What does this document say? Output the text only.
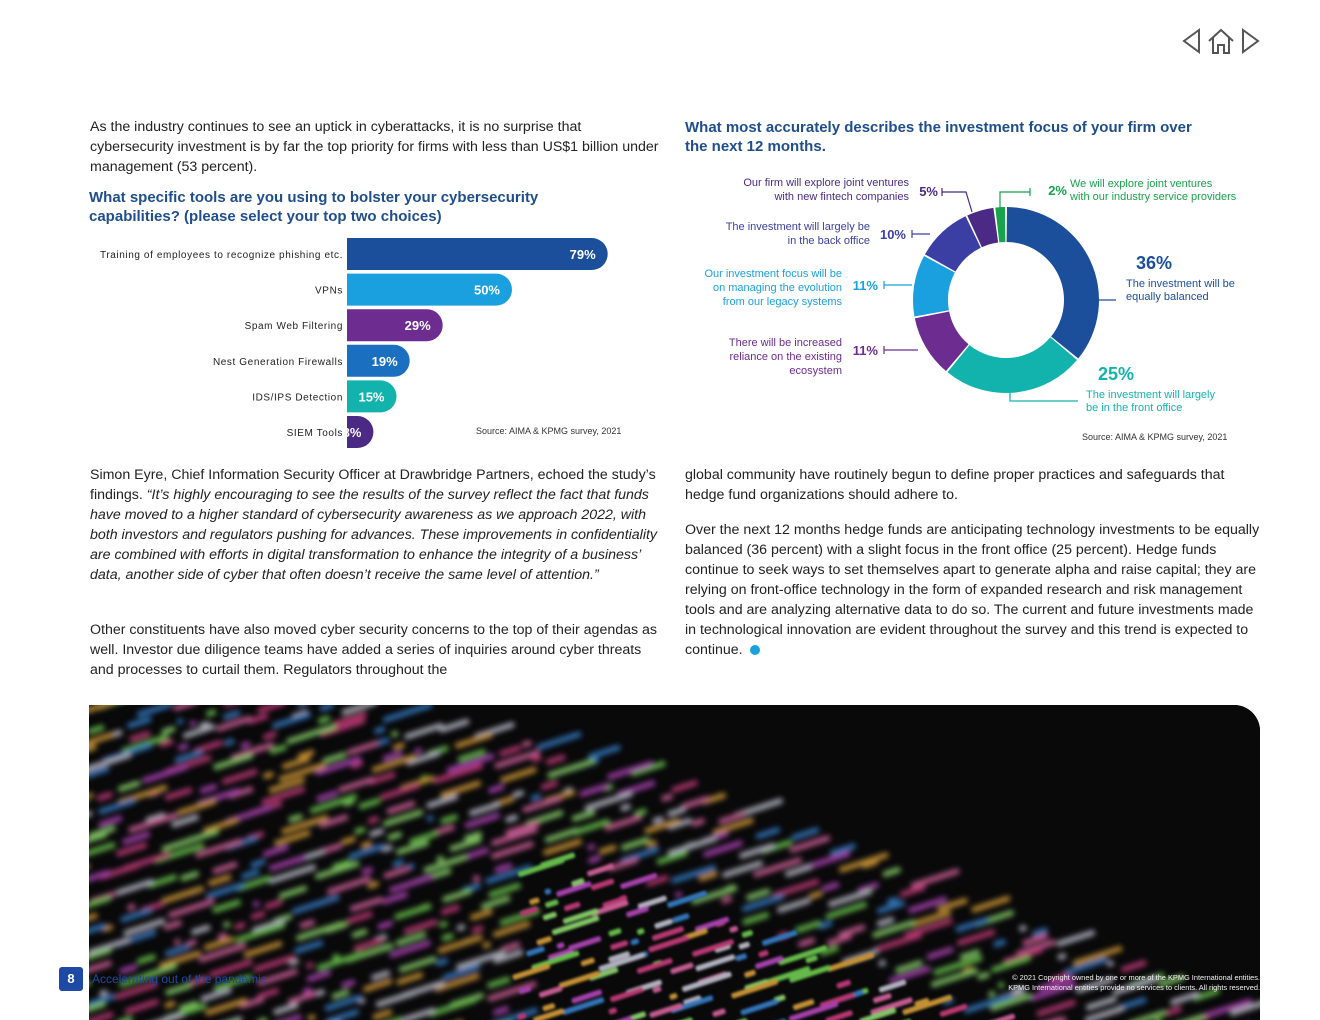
As the industry continues to see an uptick in cyberattacks, it is no surprise that cybersecurity investment is by far the top priority for firms with less than US$1 billion under management (53 percent).

What specific tools are you using to bolster your cybersecurity capabilities? (please select your top two choices)
Training of employees to recognize phishing etc.	79%
VPNs	50%
Spam Web Filtering	29%
Nest Generation Firewalls 19%
IDS/IPS Detection 15%
SIEM Tools 8%	Source: AIMA & KPMG survey, 2021

Simon Eyre, Chief Information Security Officer at Drawbridge Partners, echoed the study’s findings. “It’s highly encouraging to see the results of the survey reflect the fact that funds have moved to a higher standard of cybersecurity awareness as we approach 2022, with both investors and regulators pushing for advances. These improvements in confidentiality are combined with efforts in digital transformation to enhance the integrity of a business’ data, another side of cyber that often doesn’t receive the same level of attention.”

Other constituents have also moved cyber security concerns to the top of their agendas as well. Investor due diligence teams have added a series of inquiries around cyber threats and processes to curtail them. Regulators throughout the

What most accurately describes the investment focus of your firm over the next 12 months.
36%
The investment will be
equally balanced
25%
The investment will largely
be in the front office
11%
There will be increased
reliance on the existing
ecosystem
11%
Our investment focus will be
on managing the evolution
from our legacy systems
10%
The investment will largely be
in the back office
5%
Our firm will explore joint ventures
with new fintech companies	2% We will explore joint ventures
with our industry service providers
Source: AIMA & KPMG survey, 2021

global community have routinely begun to define proper practices and safeguards that hedge fund organizations should adhere to.

Over the next 12 months hedge funds are anticipating technology investments to be equally balanced (36 percent) with a slight focus in the front office (25 percent). Hedge funds continue to seek ways to set themselves apart to generate alpha and raise capital; they are relying on front-office technology in the form of expanded research and risk management tools and are analyzing alternative data to do so. The current and future investments made in technological innovation are evident throughout the survey and this trend is expected to continue.

8	Accelerating out of the pandemic	© 2021 Copyright owned by one or more of the KPMG International entities.
KPMG International entities provide no services to clients. All rights reserved.
